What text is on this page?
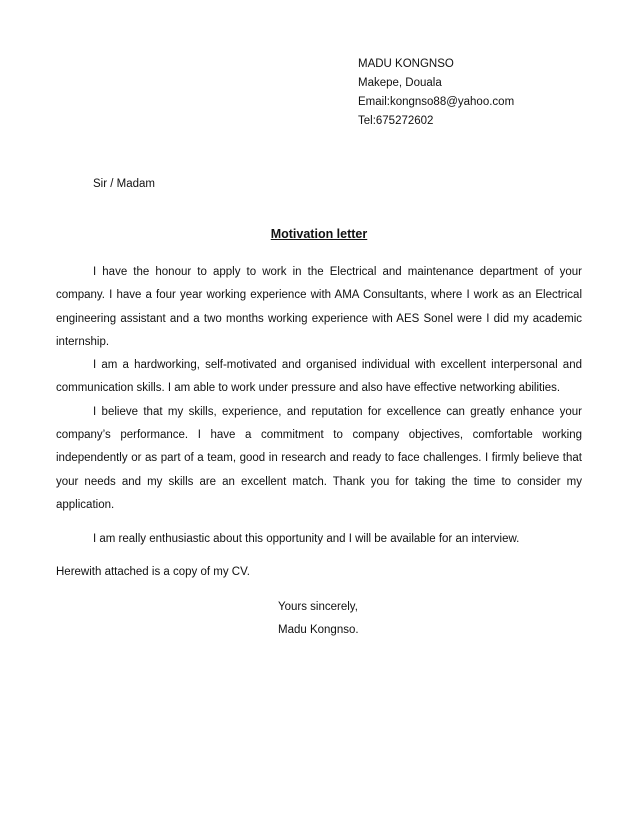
MADU KONGNSO
Makepe, Douala
Email:kongnso88@yahoo.com
Tel:675272602
Sir / Madam
Motivation letter

I have the honour to apply to work in the Electrical and maintenance department of your company. I have a four year working experience with AMA Consultants, where I work as an Electrical engineering assistant and a two months working experience with AES Sonel were I did my academic internship.

I am a hardworking, self-motivated and organised individual with excellent interpersonal and communication skills. I am able to work under pressure and also have effective networking abilities.

I believe that my skills, experience, and reputation for excellence can greatly enhance your company’s performance. I have a commitment to company objectives, comfortable working independently or as part of a team, good in research and ready to face challenges. I firmly believe that your needs and my skills are an excellent match. Thank you for taking the time to consider my application.

I am really enthusiastic about this opportunity and I will be available for an interview.

Herewith attached is a copy of my CV.
Yours sincerely,
Madu Kongnso.
